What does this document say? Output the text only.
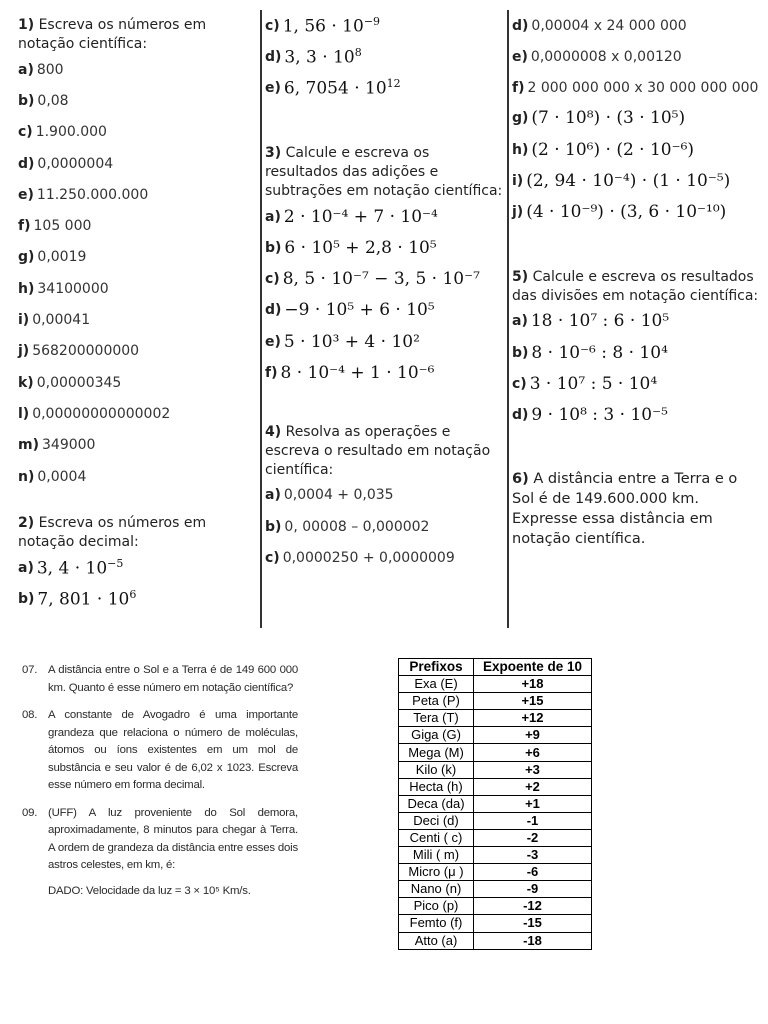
1) Escreva os números em notação científica:
a) 800
b) 0,08
c) 1.900.000
d) 0,0000004
e) 11.250.000.000
f) 105 000
g) 0,0019
h) 34100000
i) 0,00041
j) 568200000000
k) 0,00000345
l) 0,00000000000002
m) 349000
n) 0,0004
2) Escreva os números em notação decimal:
a) 3, $4 \cdot 10^{-5}$
b) 7, $801 \cdot 10^6$
c) 1, $56 \cdot 10^{-9}$
d) 3, $3 \cdot 10^8$
e) 6, $7054 \cdot 10^{12}$
3) Calcule e escreva os resultados das adições e subtrações em notação científica:
a) 2 · 10⁻⁴ + 7 · 10⁻⁴
b) 6 · 10⁵ + 2,8 · 10⁵
c) 8, 5 · 10⁻⁷ − 3, 5 · 10⁻⁷
d) −9 · 10⁵ + 6 · 10⁵
e) 5 · 10³ + 4 · 10²
f) 8 · 10⁻⁴ + 1 · 10⁻⁶
4) Resolva as operações e escreva o resultado em notação científica:
a) 0,0004 + 0,035
b) 0, 00008 – 0,000002
c) 0,0000250 + 0,0000009
d) 0,00004 x 24 000 000
e) 0,0000008 x 0,00120
f) 2 000 000 000 x 30 000 000 000
g) (7 · 10⁸) · (3 · 10⁵)
h) (2 · 10⁶) · (2 · 10⁻⁶)
i) (2, 94 · 10⁻⁴) · (1 · 10⁻⁵)
j) (4 · 10⁻⁹) · (3, 6 · 10⁻¹⁰)
5) Calcule e escreva os resultados das divisões em notação científica:
a) 18 · 10⁷ : 6 · 10⁵
b) 8 · 10⁻⁶ : 8 · 10⁴
c) 3 · 10⁷ : 5 · 10⁴
d) 9 · 10⁸ : 3 · 10⁻⁵
6) A distância entre a Terra e o Sol é de 149.600.000 km. Expresse essa distância em notação científica.
07. A distância entre o Sol e a Terra é de 149 600 000 km. Quanto é esse número em notação científica?
08. A constante de Avogadro é uma importante grandeza que relaciona o número de moléculas, átomos ou íons existentes em um mol de substância e seu valor é de 6,02 x 1023. Escreva esse número em forma decimal.
09. (UFF) A luz proveniente do Sol demora, aproximadamente, 8 minutos para chegar à Terra. A ordem de grandeza da distância entre esses dois astros celestes, em km, é:
DADO: Velocidade da luz = 3 × 10⁵ Km/s.
Prefixos	Expoente de 10
Exa (E)	+18
Peta (P)	+15
Tera (T)	+12
Giga (G)	+9
Mega (M)	+6
Kilo (k)	+3
Hecta (h)	+2
Deca (da)	+1
Deci (d)	-1
Centi ( c)	-2
Mili ( m)	-3
Micro (μ )	-6
Nano (n)	-9
Pico (p)	-12
Femto (f)	-15
Atto (a)	-18
